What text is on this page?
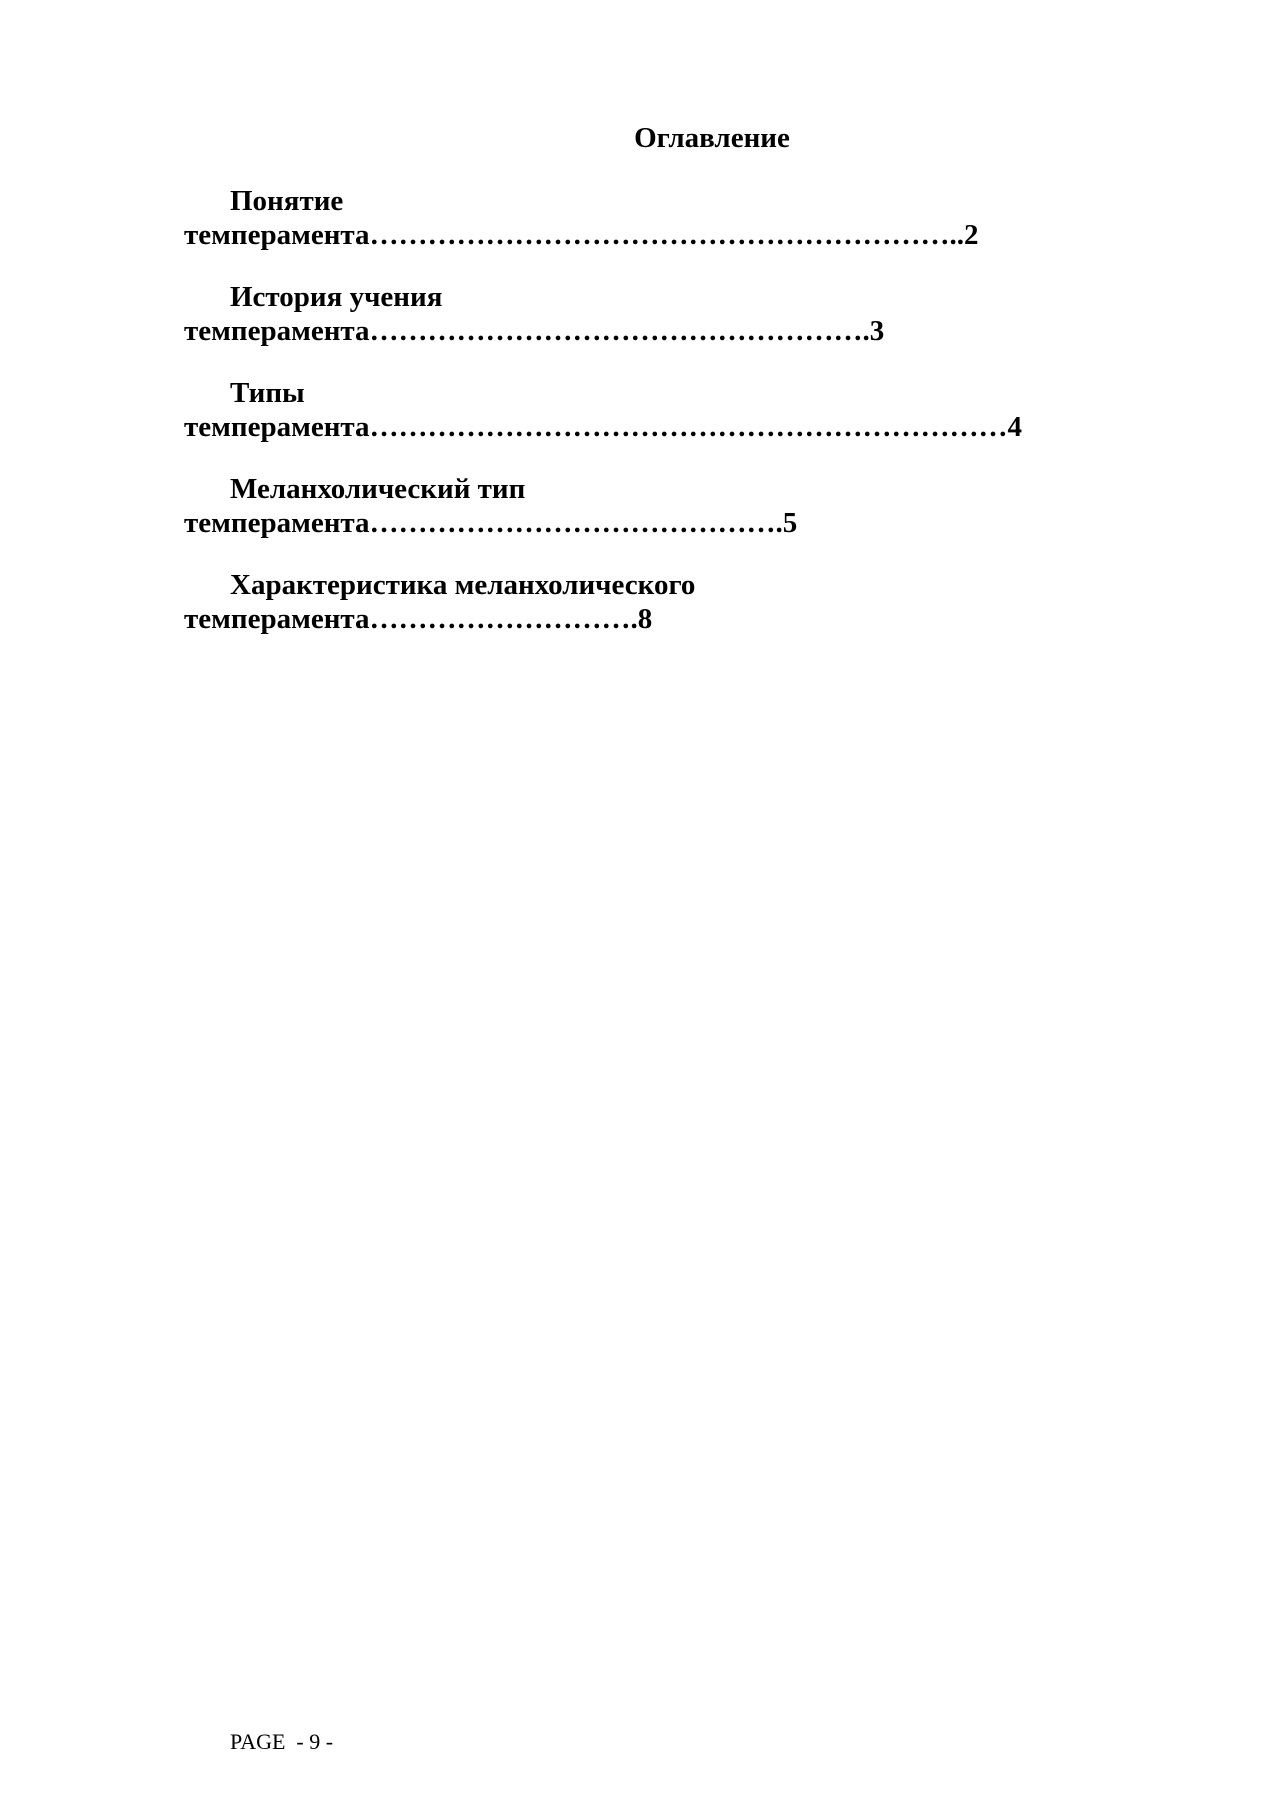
Оглавление
Понятие
темперамента……………………………………………………..2
История учения
темперамента…………………………………………….3
Типы
темперамента…………………………………………………………4
Меланхолический тип
темперамента…………………………………….5
Характеристика меланхолического
темперамента……………………….8
PAGE  - 9 -
